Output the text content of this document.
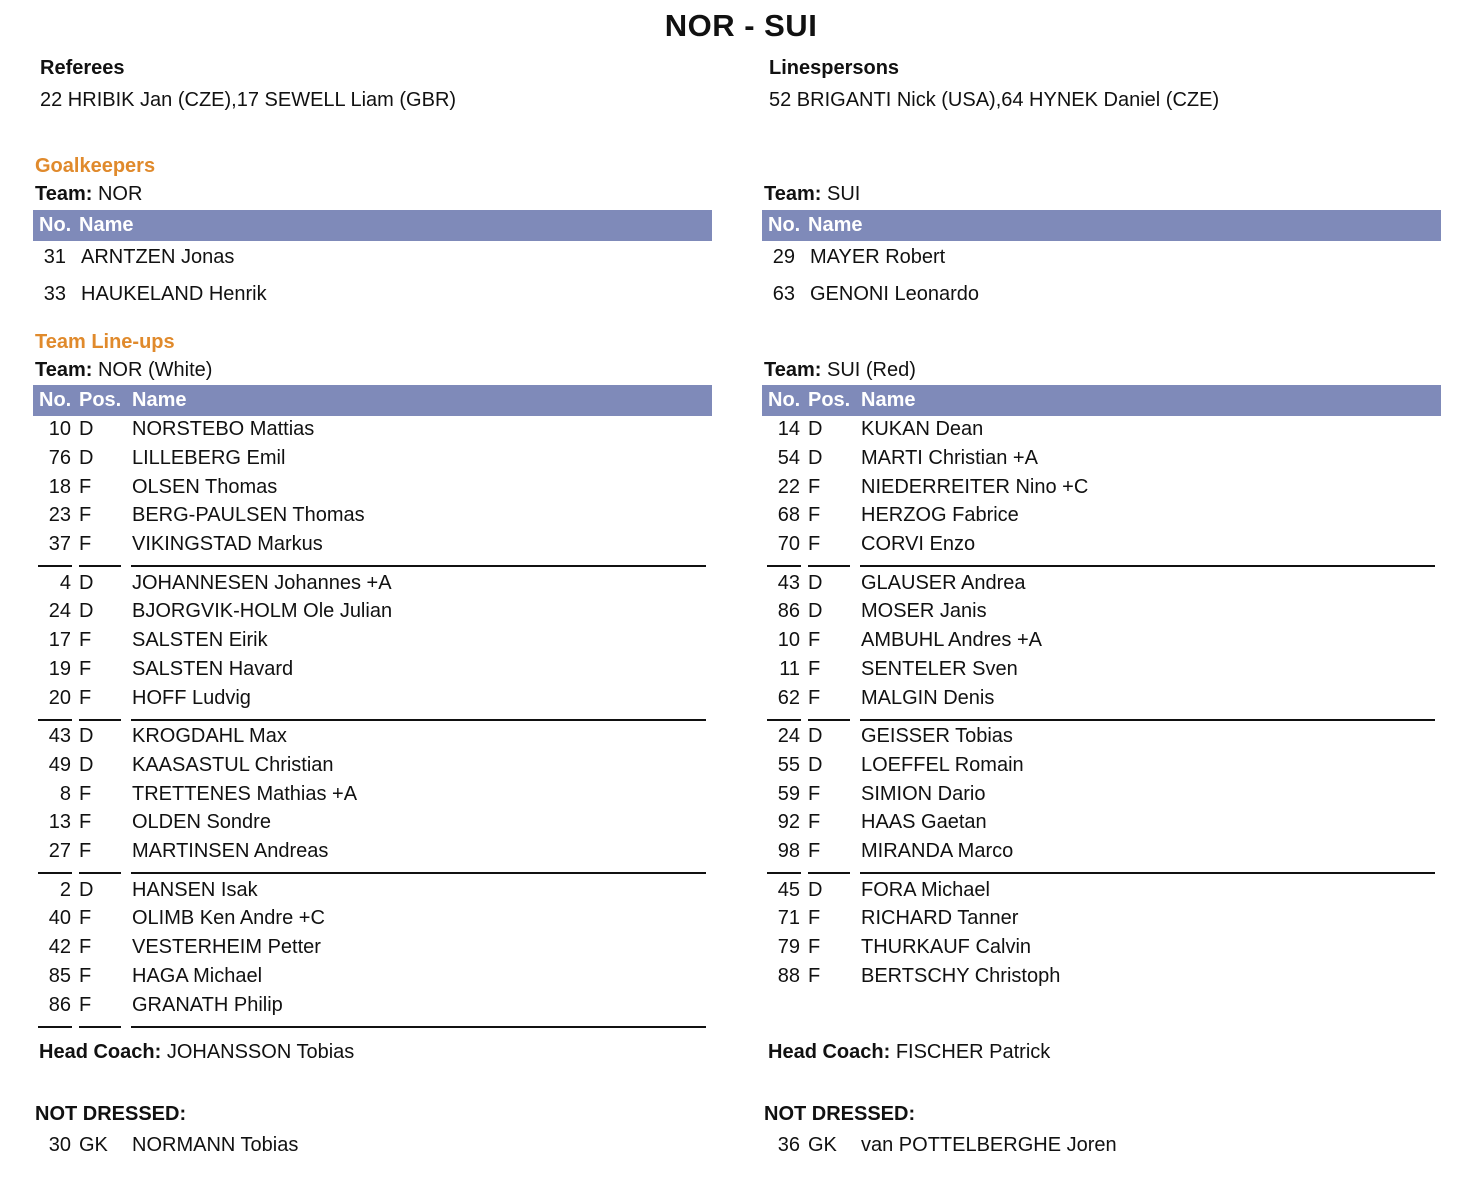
NOR - SUI
Referees
22 HRIBIK Jan (CZE),17 SEWELL Liam (GBR)
Linespersons
52 BRIGANTI Nick (USA),64 HYNEK Daniel (CZE)
Goalkeepers
Team: NOR	Team: SUI
No. Name	No. Name
31 ARNTZEN Jonas
33 HAUKELAND Henrik
29 MAYER Robert
63 GENONI Leonardo
Team Line-ups
Team: NOR (White)	Team: SUI (Red)
No. Pos. Name	No. Pos. Name
10 D NORSTEBO Mattias
76 D LILLEBERG Emil
18 F OLSEN Thomas
23 F BERG-PAULSEN Thomas
37 F VIKINGSTAD Markus
4 D JOHANNESEN Johannes +A
24 D BJORGVIK-HOLM Ole Julian
17 F SALSTEN Eirik
19 F SALSTEN Havard
20 F HOFF Ludvig
43 D KROGDAHL Max
49 D KAASASTUL Christian
8 F TRETTENES Mathias +A
13 F OLDEN Sondre
27 F MARTINSEN Andreas
2 D HANSEN Isak
40 F OLIMB Ken Andre +C
42 F VESTERHEIM Petter
85 F HAGA Michael
86 F GRANATH Philip
14 D KUKAN Dean
54 D MARTI Christian +A
22 F NIEDERREITER Nino +C
68 F HERZOG Fabrice
70 F CORVI Enzo
43 D GLAUSER Andrea
86 D MOSER Janis
10 F AMBUHL Andres +A
11 F SENTELER Sven
62 F MALGIN Denis
24 D GEISSER Tobias
55 D LOEFFEL Romain
59 F SIMION Dario
92 F HAAS Gaetan
98 F MIRANDA Marco
45 D FORA Michael
71 F RICHARD Tanner
79 F THURKAUF Calvin
88 F BERTSCHY Christoph
Head Coach: JOHANSSON Tobias	Head Coach: FISCHER Patrick
NOT DRESSED:	NOT DRESSED:
30 GK NORMANN Tobias	36 GK van POTTELBERGHE Joren
